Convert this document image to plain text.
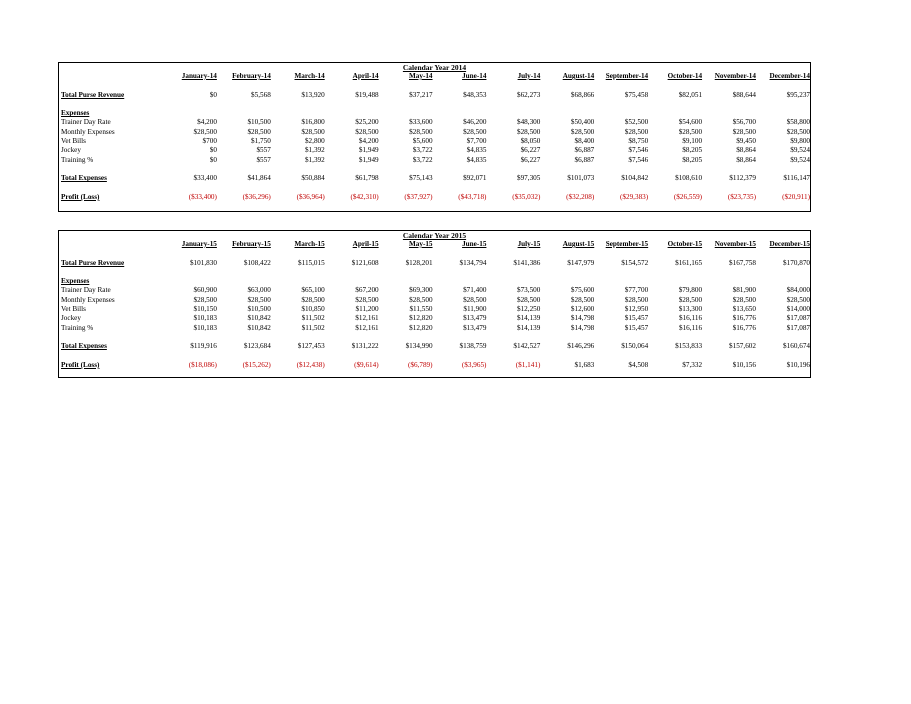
Calendar Year 2014
	January-14	February-14	March-14	April-14	May-14	June-14	July-14	August-14	September-14	October-14	November-14	December-14

Total Purse Revenue	$0	$5,568	$13,920	$19,488	$37,217	$48,353	$62,273	$68,866	$75,458	$82,051	$88,644	$95,237

Expenses												
Trainer Day Rate	$4,200	$10,500	$16,800	$25,200	$33,600	$46,200	$48,300	$50,400	$52,500	$54,600	$56,700	$58,800
Monthly Expenses	$28,500	$28,500	$28,500	$28,500	$28,500	$28,500	$28,500	$28,500	$28,500	$28,500	$28,500	$28,500
Vet Bills	$700	$1,750	$2,800	$4,200	$5,600	$7,700	$8,050	$8,400	$8,750	$9,100	$9,450	$9,800
Jockey	$0	$557	$1,392	$1,949	$3,722	$4,835	$6,227	$6,887	$7,546	$8,205	$8,864	$9,524
Training %	$0	$557	$1,392	$1,949	$3,722	$4,835	$6,227	$6,887	$7,546	$8,205	$8,864	$9,524

Total Expenses	$33,400	$41,864	$50,884	$61,798	$75,143	$92,071	$97,305	$101,073	$104,842	$108,610	$112,379	$116,147

Profit (Loss)	($33,400)	($36,296)	($36,964)	($42,310)	($37,927)	($43,718)	($35,032)	($32,208)	($29,383)	($26,559)	($23,735)	($20,911)
Calendar Year 2015
	January-15	February-15	March-15	April-15	May-15	June-15	July-15	August-15	September-15	October-15	November-15	December-15

Total Purse Revenue	$101,830	$108,422	$115,015	$121,608	$128,201	$134,794	$141,386	$147,979	$154,572	$161,165	$167,758	$170,870

Expenses												
Trainer Day Rate	$60,900	$63,000	$65,100	$67,200	$69,300	$71,400	$73,500	$75,600	$77,700	$79,800	$81,900	$84,000
Monthly Expenses	$28,500	$28,500	$28,500	$28,500	$28,500	$28,500	$28,500	$28,500	$28,500	$28,500	$28,500	$28,500
Vet Bills	$10,150	$10,500	$10,850	$11,200	$11,550	$11,900	$12,250	$12,600	$12,950	$13,300	$13,650	$14,000
Jockey	$10,183	$10,842	$11,502	$12,161	$12,820	$13,479	$14,139	$14,798	$15,457	$16,116	$16,776	$17,087
Training %	$10,183	$10,842	$11,502	$12,161	$12,820	$13,479	$14,139	$14,798	$15,457	$16,116	$16,776	$17,087

Total Expenses	$119,916	$123,684	$127,453	$131,222	$134,990	$138,759	$142,527	$146,296	$150,064	$153,833	$157,602	$160,674

Profit (Loss)	($18,086)	($15,262)	($12,438)	($9,614)	($6,789)	($3,965)	($1,141)	$1,683	$4,508	$7,332	$10,156	$10,196
